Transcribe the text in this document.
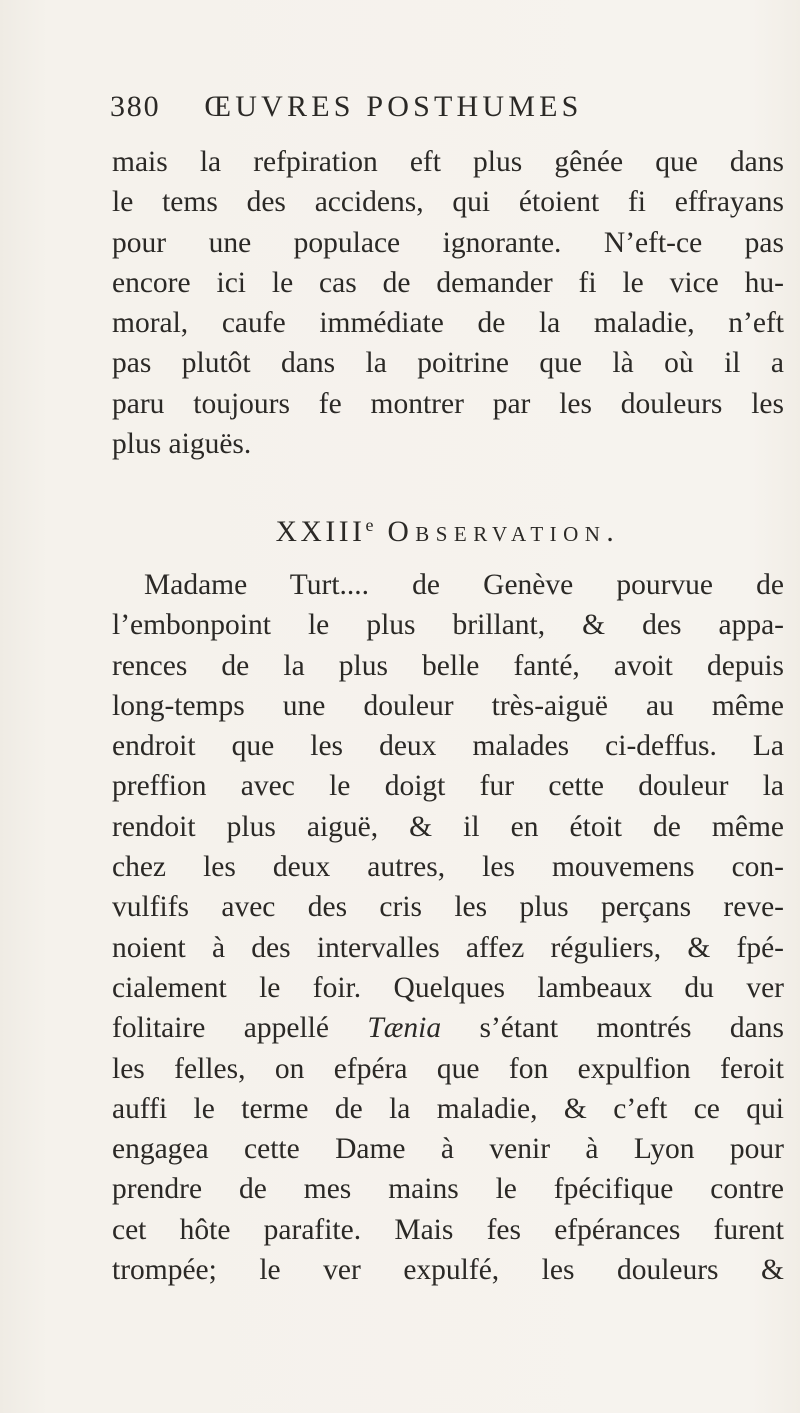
380 ŒUVRES POSTHUMES
mais la refpiration eft plus gênée que dans
le tems des accidens, qui étoient fi effrayans
pour une populace ignorante. N’eft-ce pas
encore ici le cas de demander fi le vice hu-
moral, caufe immédiate de la maladie, n’eft
pas plutôt dans la poitrine que là où il a
paru toujours fe montrer par les douleurs les
plus aiguës.
XXIIIe Observation.
Madame Turt.... de Genève pourvue de
l’embonpoint le plus brillant, & des appa-
rences de la plus belle fanté, avoit depuis
long-temps une douleur très-aiguë au même
endroit que les deux malades ci-deffus. La
preffion avec le doigt fur cette douleur la
rendoit plus aiguë, & il en étoit de même
chez les deux autres, les mouvemens con-
vulfifs avec des cris les plus perçans reve-
noient à des intervalles affez réguliers, & fpé-
cialement le foir. Quelques lambeaux du ver
folitaire appellé Tænia s’étant montrés dans
les felles, on efpéra que fon expulfion feroit
auffi le terme de la maladie, & c’eft ce qui
engagea cette Dame à venir à Lyon pour
prendre de mes mains le fpécifique contre
cet hôte parafite. Mais fes efpérances furent
trompée; le ver expulfé, les douleurs &
